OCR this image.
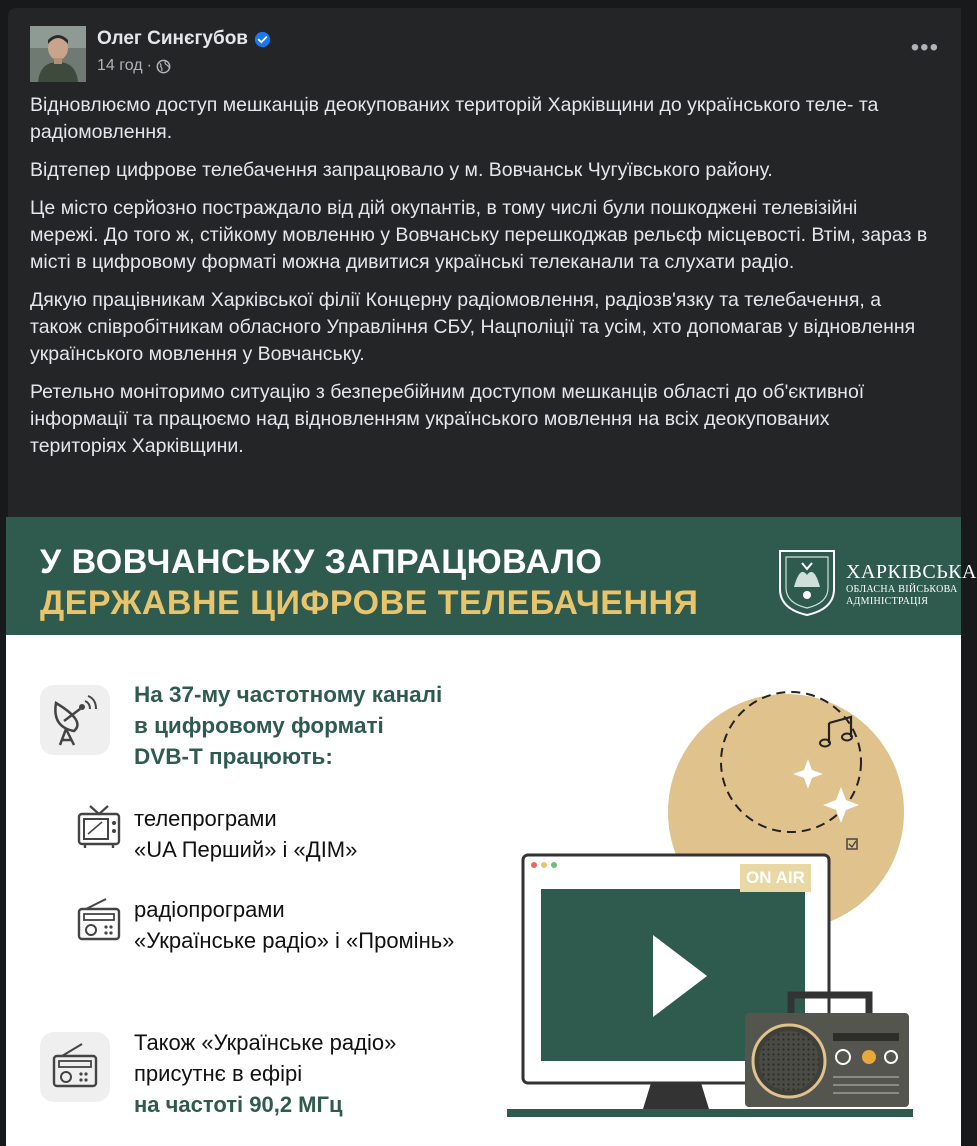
Олег Синєгубов
14 год ·
•••

Відновлюємо доступ мешканців деокупованих територій Харківщини до українського теле- та радіомовлення.

Відтепер цифрове телебачення запрацювало у м. Вовчанськ Чугуївського району.

Це місто серйозно постраждало від дій окупантів, в тому числі були пошкоджені телевізійні мережі. До того ж, стійкому мовленню у Вовчанську перешкоджав рельєф місцевості. Втім, зараз в місті в цифровому форматі можна дивитися українські телеканали та слухати радіо.

Дякую працівникам Харківської філії Концерну радіомовлення, радіозв'язку та телебачення, а також співробітникам обласного Управління СБУ, Нацполіції та усім, хто допомагав у відновлення українського мовлення у Вовчанську.

Ретельно моніторимо ситуацію з безперебійним доступом мешканців області до об'єктивної інформації та працюємо над відновленням українського мовлення на всіх деокупованих територіях Харківщини.

У ВОВЧАНСЬКУ ЗАПРАЦЮВАЛО
ДЕРЖАВНЕ ЦИФРОВЕ ТЕЛЕБАЧЕННЯ
ХАРКІВСЬКА
ОБЛАСНА ВІЙСЬКОВА
АДМІНІСТРАЦІЯ
На 37-му частотному каналі
в цифровому форматі
DVB-T працюють:
телепрограми
«UA Перший» і «ДІМ»
радіопрограми
«Українське радіо» і «Промінь»
Також «Українське радіо»
присутнє в ефірі
на частоті 90,2 МГц
ON AIR
